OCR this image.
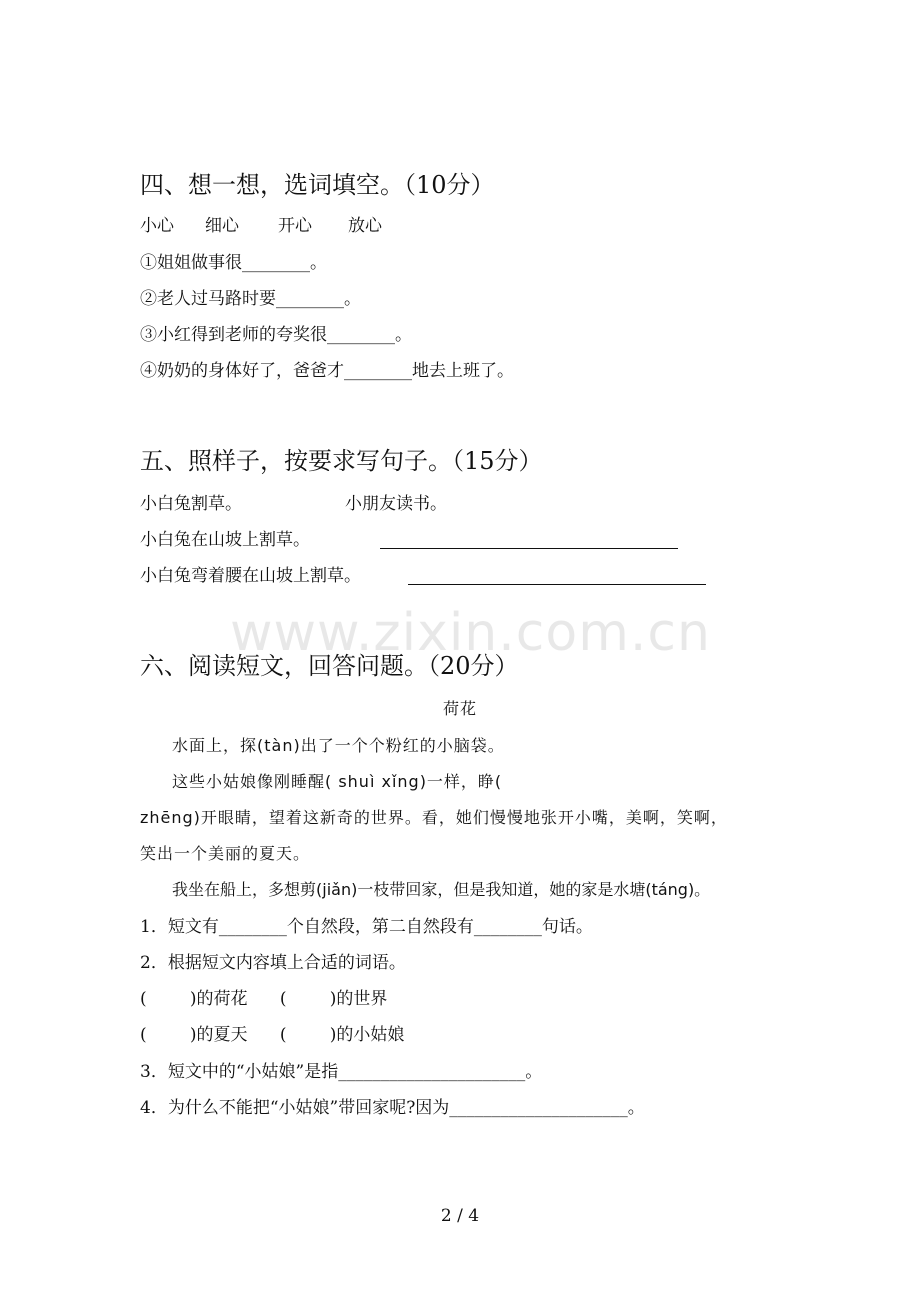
四、想一想，选词填空。（10分）
小心 细心 开心 放心
①姐姐做事很________。
②老人过马路时要________。
③小红得到老师的夸奖很________。
④奶奶的身体好了，爸爸才________地去上班了。
五、照样子，按要求写句子。（15分）
小白兔割草。	小朋友读书。
小白兔在山坡上割草。
小白兔弯着腰在山坡上割草。
www.zixin.com.cn
六、阅读短文，回答问题。（20分）
荷花
水面上，探(tàn)出了一个个粉红的小脑袋。
这些小姑娘像刚睡醒( shuì xǐng)一样，睁(
zhēng)开眼睛，望着这新奇的世界。看，她们慢慢地张开小嘴，美啊，笑啊，
笑出一个美丽的夏天。
我坐在船上，多想剪(jiǎn)一枝带回家，但是我知道，她的家是水塘(táng)。
1．短文有________个自然段，第二自然段有________句话。
2．根据短文内容填上合适的词语。
(        )的荷花      (        )的世界
(        )的夏天      (        )的小姑娘
3．短文中的“小姑娘”是指______________________。
4．为什么不能把“小姑娘”带回家呢?因为_____________________。
2 / 4
